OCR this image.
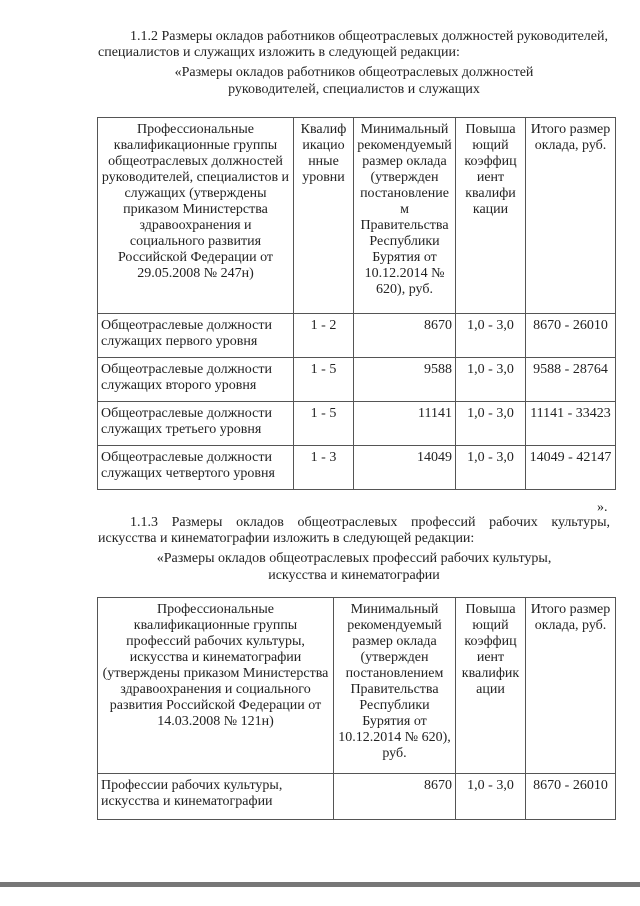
1.1.2 Размеры окладов работников общеотраслевых должностей руководителей, специалистов и служащих изложить в следующей редакции:
«Размеры окладов работников общеотраслевых должностей
руководителей, специалистов и служащих
Профессиональные квалификационные группы общеотраслевых должностей руководителей, специалистов и служащих (утверждены приказом Министерства здравоохранения и социального развития Российской Федерации от 29.05.2008 № 247н)	Квалиф икацио нные уровни	Минимальный рекомендуемый размер оклада (утвержден постановление м Правительства Республики Бурятия от 10.12.2014 № 620), руб.	Повыша ющий коэффиц иент квалифи кации	Итого размер оклада, руб.
Общеотраслевые должности служащих первого уровня	1 - 2	8670	1,0 - 3,0	8670 - 26010
Общеотраслевые должности служащих второго уровня	1 - 5	9588	1,0 - 3,0	9588 - 28764
Общеотраслевые должности служащих третьего уровня	1 - 5	11141	1,0 - 3,0	11141 - 33423
Общеотраслевые должности служащих четвертого уровня	1 - 3	14049	1,0 - 3,0	14049 - 42147
».
1.1.3 Размеры окладов общеотраслевых профессий рабочих культуры, искусства и кинематографии изложить в следующей редакции:
«Размеры окладов общеотраслевых профессий рабочих культуры,
искусства и кинематографии
Профессиональные квалификационные группы профессий рабочих культуры, искусства и кинематографии (утверждены приказом Министерства здравоохранения и социального развития Российской Федерации от 14.03.2008 № 121н)	Минимальный рекомендуемый размер оклада (утвержден постановлением Правительства Республики Бурятия от 10.12.2014 № 620), руб.	Повыша ющий коэффиц иент квалифик ации	Итого размер оклада, руб.
Профессии рабочих культуры, искусства и кинематографии	8670	1,0 - 3,0	8670 - 26010
